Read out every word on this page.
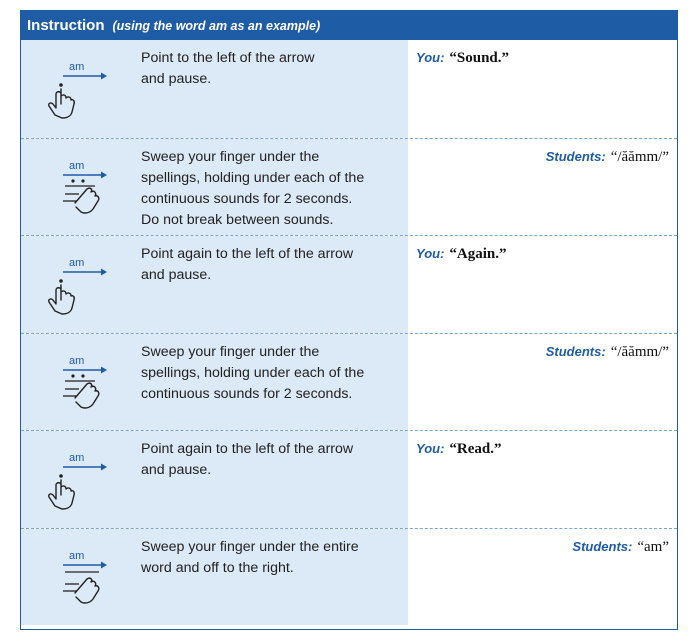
Instruction (using the word am as an example)
am
Point to the left of the arrow
and pause.
You: “Sound.”
am
Sweep your finger under the
spellings, holding under each of the
continuous sounds for 2 seconds.
Do not break between sounds.
Students: “/ăămm/”
am
Point again to the left of the arrow
and pause.
You: “Again.”
am
Sweep your finger under the
spellings, holding under each of the
continuous sounds for 2 seconds.
Students: “/ăămm/”
am
Point again to the left of the arrow
and pause.
You: “Read.”
am
Sweep your finger under the entire
word and off to the right.
Students: “am”
